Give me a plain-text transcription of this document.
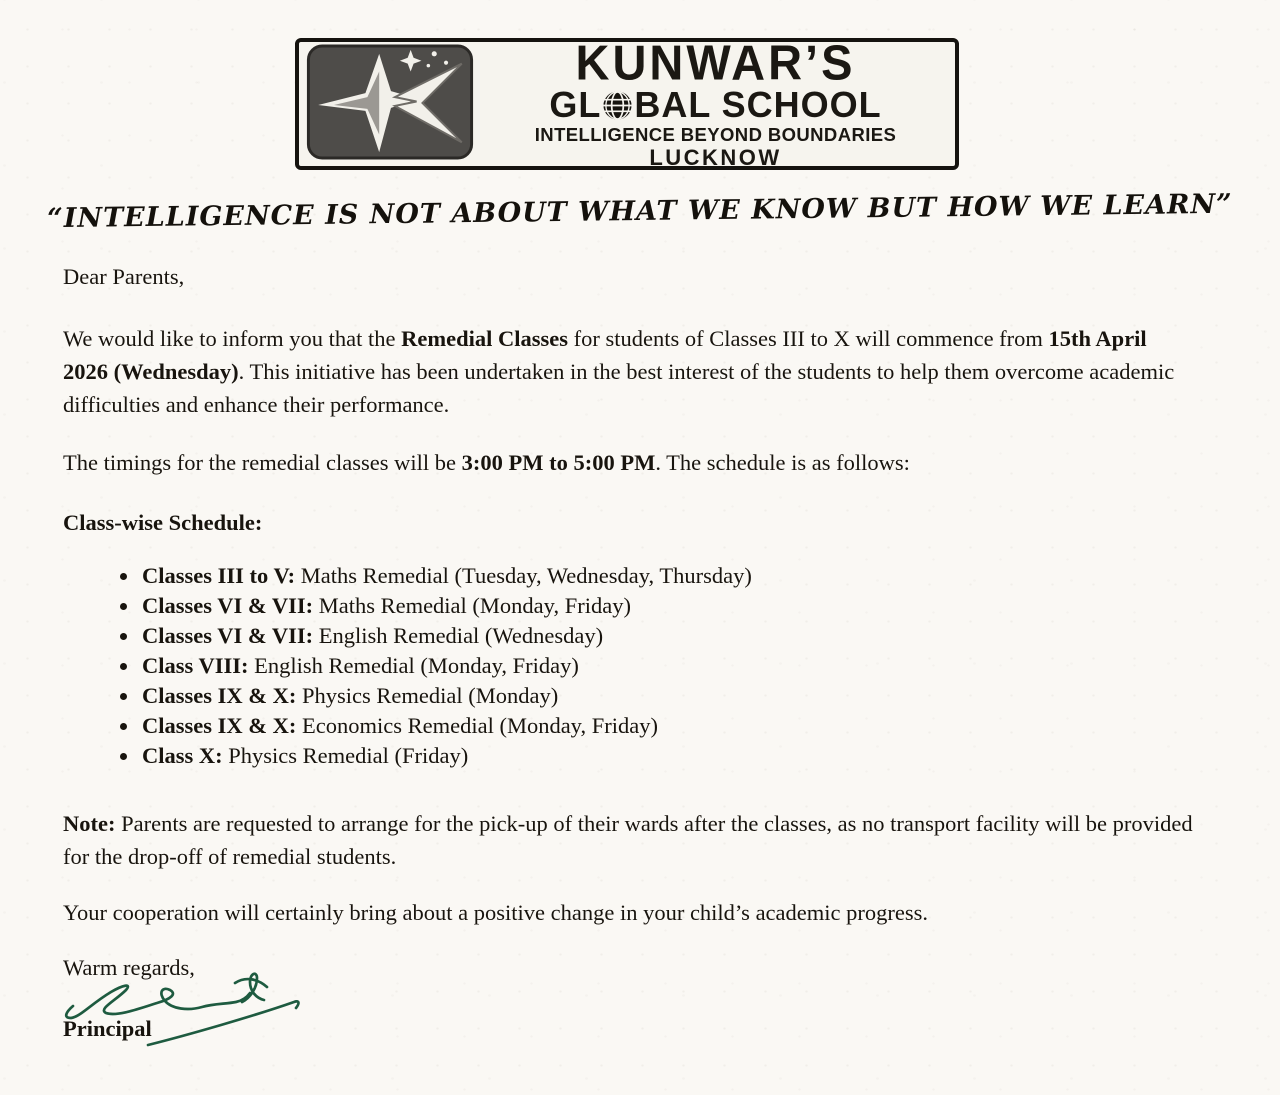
KUNWAR’S
GL BAL SCHOOL
INTELLIGENCE BEYOND BOUNDARIES
LUCKNOW
“INTELLIGENCE IS NOT ABOUT WHAT WE KNOW BUT HOW WE LEARN”
Dear Parents,
We would like to inform you that the Remedial Classes for students of Classes III to X will commence from 15th April 2026 (Wednesday). This initiative has been undertaken in the best interest of the students to help them overcome academic difficulties and enhance their performance.
The timings for the remedial classes will be 3:00 PM to 5:00 PM. The schedule is as follows:
Class-wise Schedule:
• Classes III to V: Maths Remedial (Tuesday, Wednesday, Thursday)
• Classes VI & VII: Maths Remedial (Monday, Friday)
• Classes VI & VII: English Remedial (Wednesday)
• Class VIII: English Remedial (Monday, Friday)
• Classes IX & X: Physics Remedial (Monday)
• Classes IX & X: Economics Remedial (Monday, Friday)
• Class X: Physics Remedial (Friday)
Note: Parents are requested to arrange for the pick-up of their wards after the classes, as no transport facility will be provided for the drop-off of remedial students.
Your cooperation will certainly bring about a positive change in your child’s academic progress.
Warm regards,
Principal
